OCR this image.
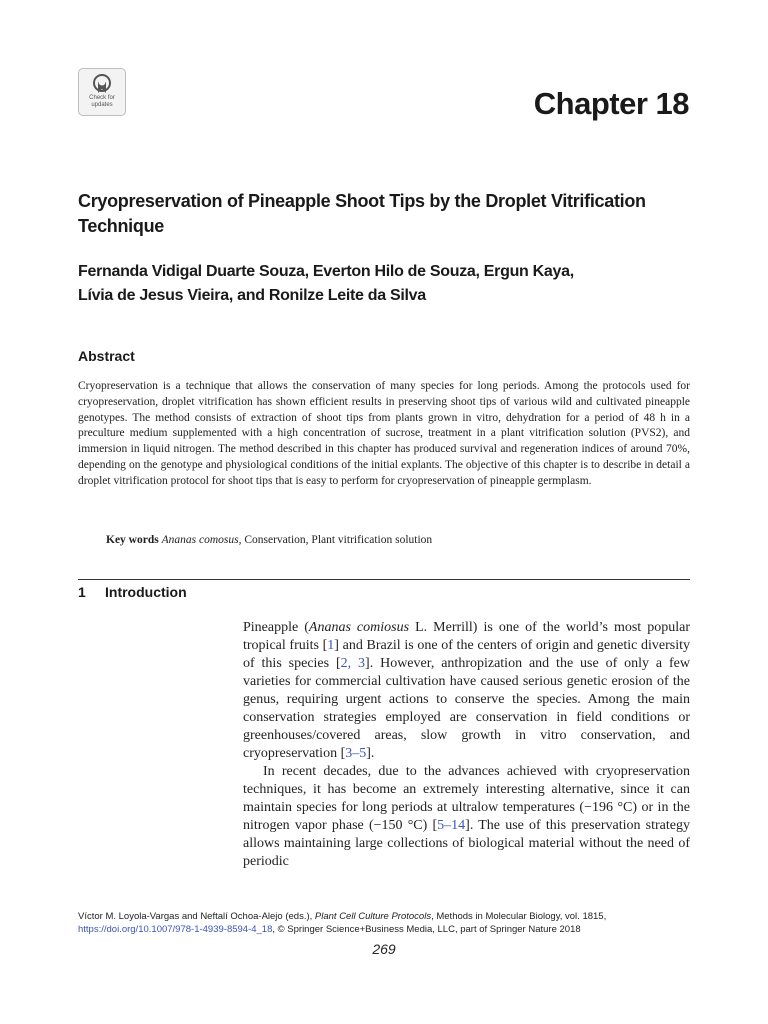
Check for
updates	Chapter 18
Cryopreservation of Pineapple Shoot Tips by the Droplet Vitrification Technique
Fernanda Vidigal Duarte Souza, Everton Hilo de Souza, Ergun Kaya,
Lívia de Jesus Vieira, and Ronilze Leite da Silva
Abstract

Cryopreservation is a technique that allows the conservation of many species for long periods. Among the protocols used for cryopreservation, droplet vitrification has shown efficient results in preserving shoot tips of various wild and cultivated pineapple genotypes. The method consists of extraction of shoot tips from plants grown in vitro, dehydration for a period of 48 h in a preculture medium supplemented with a high concentration of sucrose, treatment in a plant vitrification solution (PVS2), and immersion in liquid nitrogen. The method described in this chapter has produced survival and regeneration indices of around 70%, depending on the genotype and physiological conditions of the initial explants. The objective of this chapter is to describe in detail a droplet vitrification protocol for shoot tips that is easy to perform for cryopreservation of pineapple germplasm.

Key words Ananas comosus, Conservation, Plant vitrification solution

1 Introduction

Pineapple (Ananas comiosus L. Merrill) is one of the world’s most popular tropical fruits [1] and Brazil is one of the centers of origin and genetic diversity of this species [2, 3]. However, anthropization and the use of only a few varieties for commercial cultivation have caused serious genetic erosion of the genus, requiring urgent actions to conserve the species. Among the main conservation strategies employed are conservation in field conditions or greenhouses/covered areas, slow growth in vitro conservation, and cryopreservation [3–5].

In recent decades, due to the advances achieved with cryopreservation techniques, it has become an extremely interesting alternative, since it can maintain species for long periods at ultralow temperatures (−196 °C) or in the nitrogen vapor phase (−150 °C) [5–14]. The use of this preservation strategy allows maintaining large collections of biological material without the need of periodic

Víctor M. Loyola-Vargas and Neftalí Ochoa-Alejo (eds.), Plant Cell Culture Protocols, Methods in Molecular Biology, vol. 1815,
https://doi.org/10.1007/978-1-4939-8594-4_18, © Springer Science+Business Media, LLC, part of Springer Nature 2018

269
